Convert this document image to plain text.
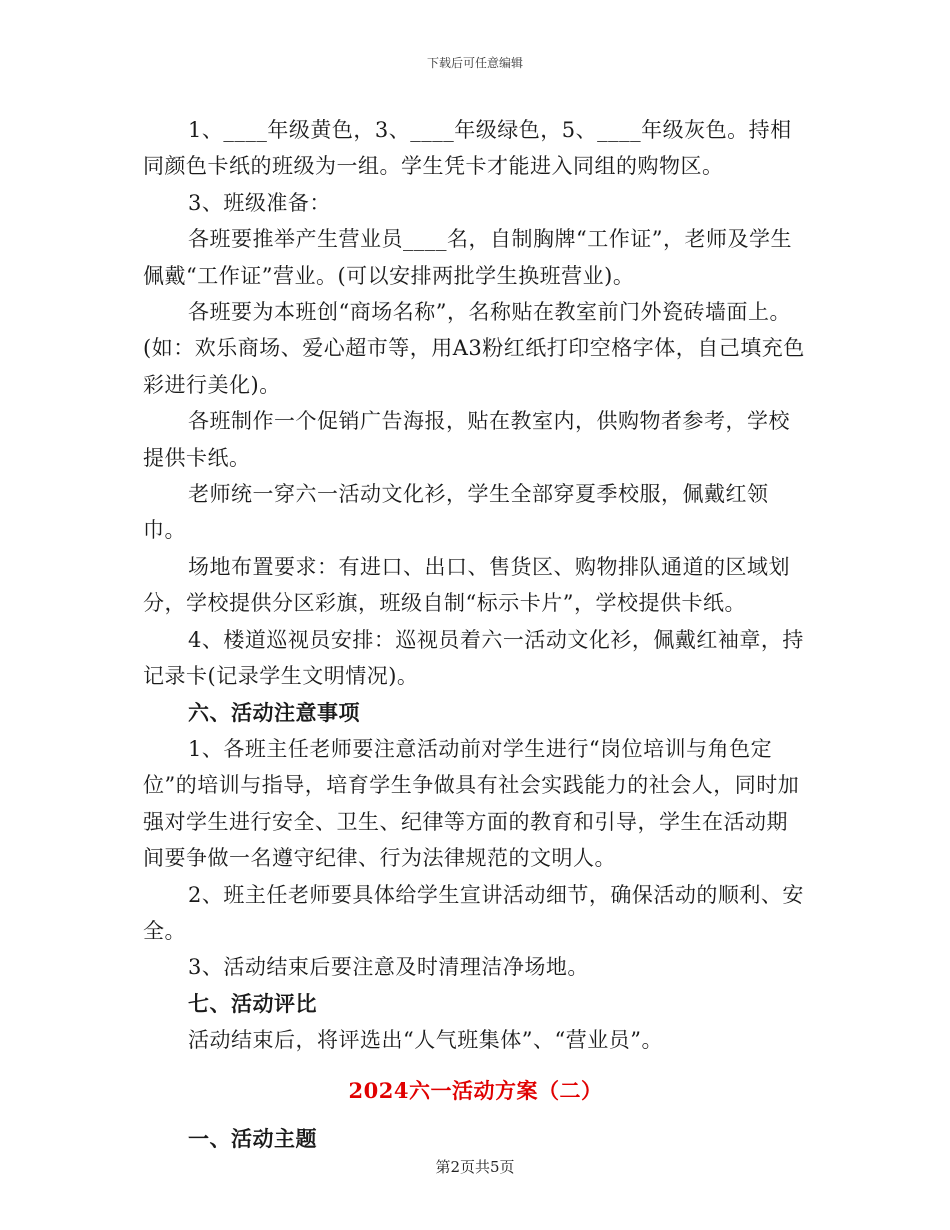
下载后可任意编辑

1、____年级黄色，3、____年级绿色，5、____年级灰色。持相同颜色卡纸的班级为一组。学生凭卡才能进入同组的购物区。

3、班级准备：

各班要推举产生营业员____名，自制胸牌“工作证”，老师及学生佩戴“工作证”营业。(可以安排两批学生换班营业)。

各班要为本班创“商场名称”，名称贴在教室前门外瓷砖墙面上。(如：欢乐商场、爱心超市等，用A3粉红纸打印空格字体，自己填充色彩进行美化)。

各班制作一个促销广告海报，贴在教室内，供购物者参考，学校提供卡纸。

老师统一穿六一活动文化衫，学生全部穿夏季校服，佩戴红领巾。

场地布置要求：有进口、出口、售货区、购物排队通道的区域划分，学校提供分区彩旗，班级自制“标示卡片”，学校提供卡纸。

4、楼道巡视员安排：巡视员着六一活动文化衫，佩戴红袖章，持记录卡(记录学生文明情况)。

六、活动注意事项

1、各班主任老师要注意活动前对学生进行“岗位培训与角色定位”的培训与指导，培育学生争做具有社会实践能力的社会人，同时加强对学生进行安全、卫生、纪律等方面的教育和引导，学生在活动期间要争做一名遵守纪律、行为法律规范的文明人。

2、班主任老师要具体给学生宣讲活动细节，确保活动的顺利、安全。

3、活动结束后要注意及时清理洁净场地。

七、活动评比

活动结束后，将评选出“人气班集体”、“营业员”。

2024六一活动方案（二）

一、活动主题

第2页共5页
